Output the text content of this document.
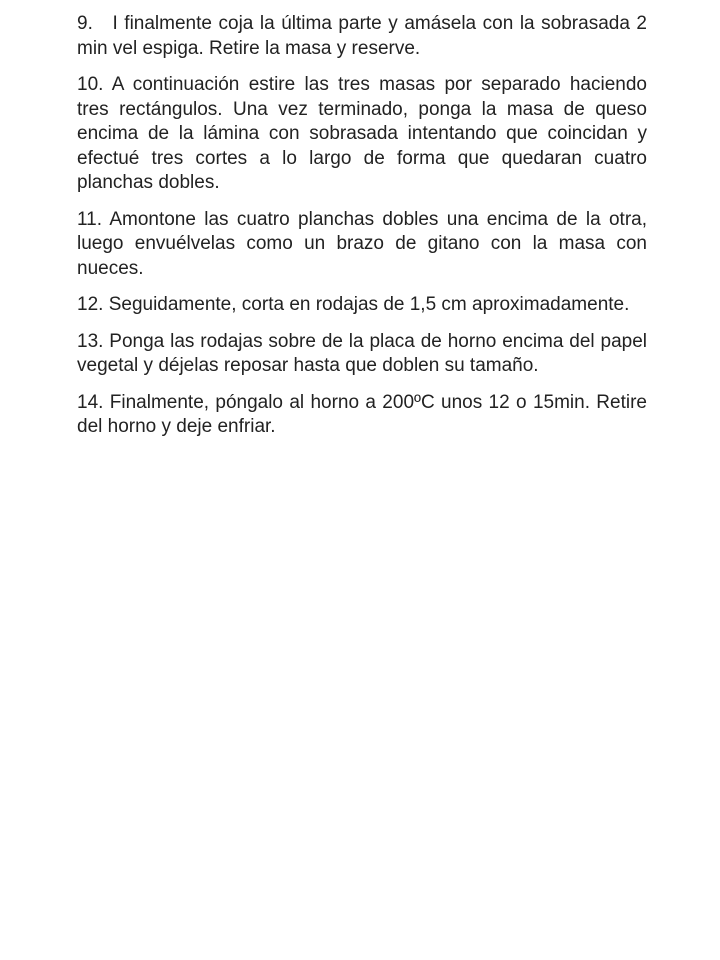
9. I finalmente coja la última parte y amásela con la sobrasada 2 min vel espiga. Retire la masa y reserve.

10. A continuación estire las tres masas por separado haciendo tres rectángulos. Una vez terminado, ponga la masa de queso encima de la lámina con sobrasada intentando que coincidan y efectué tres cortes a lo largo de forma que quedaran cuatro planchas dobles.

11. Amontone las cuatro planchas dobles una encima de la otra, luego envuélvelas como un brazo de gitano con la masa con nueces.

12. Seguidamente, corta en rodajas de 1,5 cm aproximadamente.

13. Ponga las rodajas sobre de la placa de horno encima del papel vegetal y déjelas reposar hasta que doblen su tamaño.

14. Finalmente, póngalo al horno a 200ºC unos 12 o 15min. Retire del horno y deje enfriar.
